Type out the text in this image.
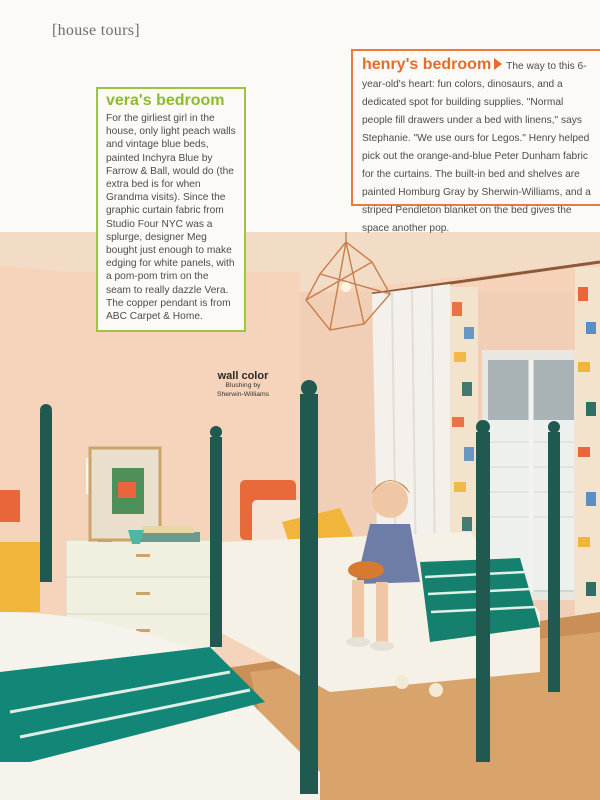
[house tours]
vera's bedroom

For the girliest girl in the house, only light peach walls and vintage blue beds, painted Inchyra Blue by Farrow & Ball, would do (the extra bed is for when Grandma visits). Since the graphic curtain fabric from Studio Four NYC was a splurge, designer Meg bought just enough to make edging for white panels, with a pom-pom trim on the seam to really dazzle Vera. The copper pendant is from ABC Carpet & Home.

henry's bedroom The way to this 6-year-old's heart: fun colors, dinosaurs, and a dedicated spot for building supplies. "Normal people fill drawers under a bed with linens," says Stephanie. "We use ours for Legos." Henry helped pick out the orange-and-blue Peter Dunham fabric for the curtains. The built-in bed and shelves are painted Homburg Gray by Sherwin-Williams, and a striped Pendleton blanket on the bed gives the space another pop.

wall color
Blushing by
Sherwin-Williams
